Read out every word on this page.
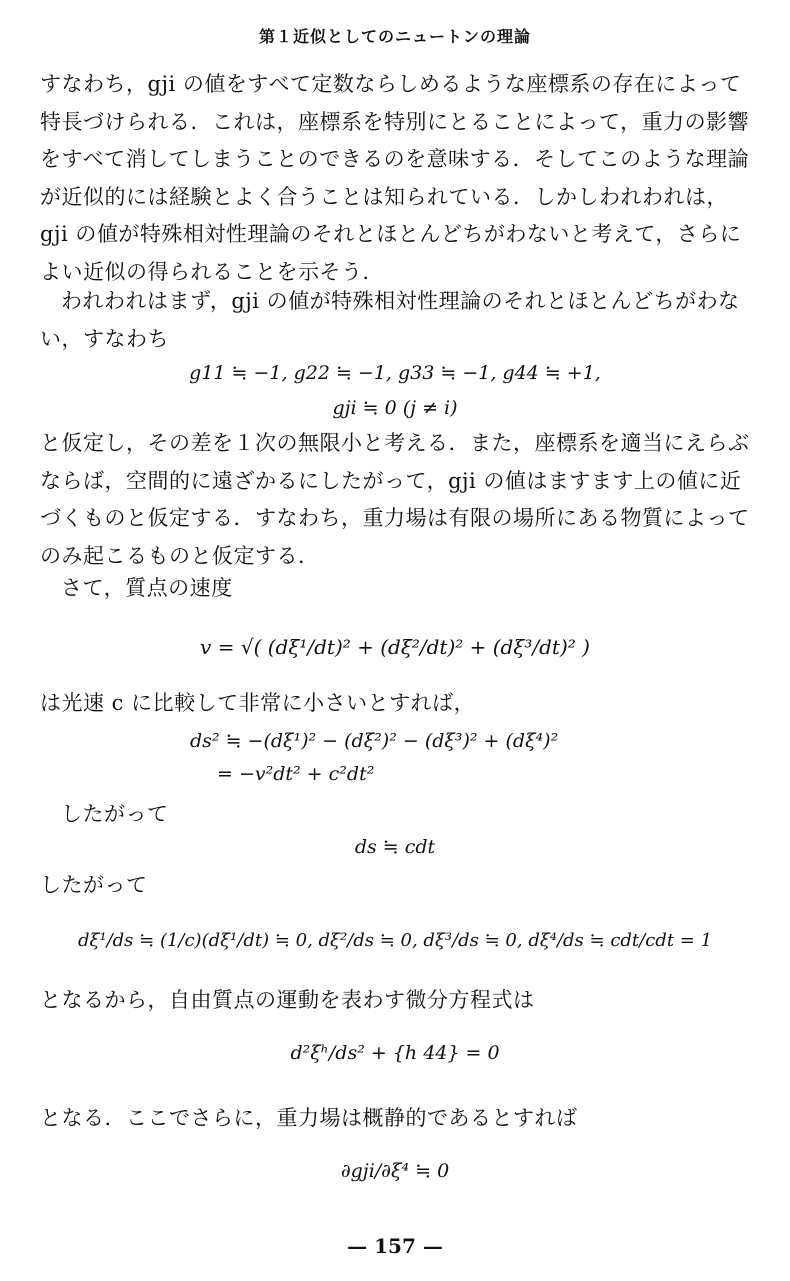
第１近似としてのニュートンの理論

すなわち，gji の値をすべて定数ならしめるような座標系の存在によって特長づけられる．これは，座標系を特別にとることによって，重力の影響をすべて消してしまうことのできるのを意味する．そしてこのような理論が近似的には経験とよく合うことは知られている．しかしわれわれは，gji の値が特殊相対性理論のそれとほとんどちがわないと考えて，さらによい近似の得られることを示そう．

われわれはまず，gji の値が特殊相対性理論のそれとほとんどちがわない，すなわち

g11 ≒ −1, g22 ≒ −1, g33 ≒ −1, g44 ≒ +1,
gji ≒ 0 (j ≠ i)

と仮定し，その差を１次の無限小と考える．また，座標系を適当にえらぶならば，空間的に遠ざかるにしたがって，gji の値はますます上の値に近づくものと仮定する．すなわち，重力場は有限の場所にある物質によってのみ起こるものと仮定する．

さて，質点の速度

v = √( (dξ¹/dt)² + (dξ²/dt)² + (dξ³/dt)² )

は光速 c に比較して非常に小さいとすれば，

ds² ≒ −(dξ¹)² − (dξ²)² − (dξ³)² + (dξ⁴)²
= −v²dt² + c²dt²

したがって

ds ≒ cdt

したがって

dξ¹/ds ≒ (1/c)(dξ¹/dt) ≒ 0, dξ²/ds ≒ 0, dξ³/ds ≒ 0, dξ⁴/ds ≒ cdt/cdt = 1

となるから，自由質点の運動を表わす微分方程式は

d²ξʰ/ds² + {h 44} = 0

となる．ここでさらに，重力場は概静的であるとすれば

∂gji/∂ξ⁴ ≒ 0
— 157 —
